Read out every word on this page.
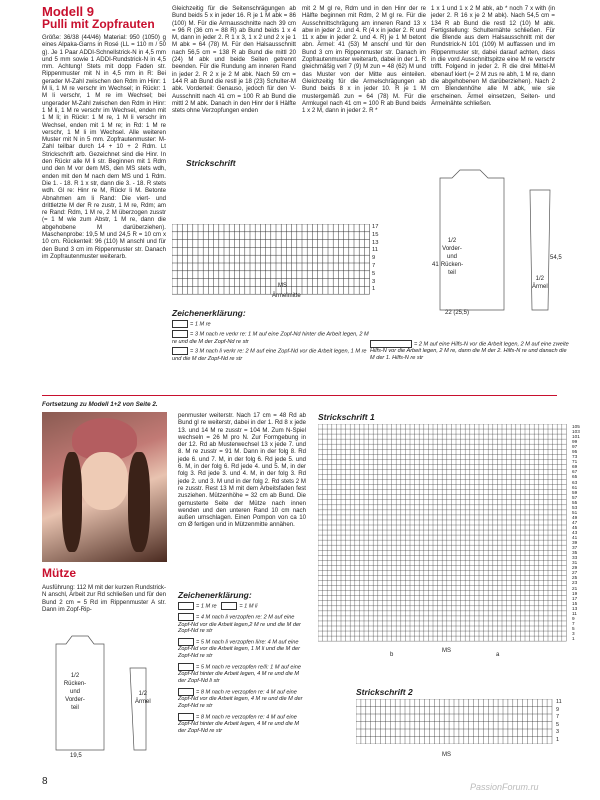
Modell 9
Pulli mit Zopfrauten
Größe: 36/38 (44/46) Material: 950 (1050) g eines Alpaka-Garns in Rosé (LL = 110 m / 50 g). Je 1 Paar ADDI-Schnellstrick-N in 4,5 mm und 5 mm sowie 1 ADDI-Rundstrick-N in 4,5 mm. Achtung! Stets mit dopp Faden str. Rippenmuster mit N in 4,5 mm in R: Bei gerader M-Zahl zwischen den Rdm im Hinr: 1 M li, 1 M re verschr im Wechsel; in Rückr: 1 M li verschr, 1 M re im Wechsel; bei ungerader M-Zahl zwischen den Rdm in Hinr: 1 M li, 1 M re verschr im Wechsel, enden mit 1 M li; in Rückr: 1 M re, 1 M li verschr im Wechsel, enden mit 1 M re; in Rd: 1 M re verschr, 1 M li im Wechsel. Alle weiteren Muster mit N in 5 mm. Zopfrautenmuster: M-Zahl teilbar durch 14 + 10 + 2 Rdm. Lt Strickschrift arb. Gezeichnet sind die Hinr. In den Rückr alle M li str. Beginnen mit 1 Rdm und den M vor dem MS, den MS stets wdh, enden mit den M nach dem MS und 1 Rdm. Die 1. - 18. R 1 x str, dann die 3. - 18. R stets wdh. Gl re: Hinr re M, Rückr li M. Betonte Abnahmen am li Rand: Die viert- und drittletzte M der R re zustr, 1 M re, Rdm; am re Rand: Rdm, 1 M re, 2 M überzogen zusstr (= 1 M wie zum Abstr, 1 M re, dann die abgehobene M darüberziehen). Maschenprobe: 19,5 M und 24,5 R = 10 cm x 10 cm. Rückenteil: 96 (110) M anschl und für den Bund 3 cm im Rippenmuster str. Danach im Zopfrautenmuster weiterarb.
Gleichzeitig für die Seitenschrägungen ab Bund beids 5 x in jeder 16. R je 1 M abk = 86 (100) M. Für die Armausschnitte nach 39 cm = 96 R (36 cm = 88 R) ab Bund beids 1 x 4 M, dann in jeder 2. R 1 x 3, 1 x 2 und 2 x je 1 M abk = 64 (78) M. Für den Halsausschnitt nach 56,5 cm = 138 R ab Bund die mittl 20 (24) M abk und beide Seiten getrennt beenden. Für die Rundung am inneren Rand in jeder 2. R 2 x je 2 M abk. Nach 59 cm = 144 R ab Bund die restl je 18 (23) Schulter-M abk. Vorderteil: Genauso, jedoch für den V-Ausschnitt nach 41 cm = 100 R ab Bund die mittl 2 M abk. Danach in den Hinr der li Hälfte stets ohne Verzopfungen enden
mit 2 M gl re, Rdm und in den Hinr der re Hälfte beginnen mit Rdm, 2 M gl re. Für die Ausschnittschrägung am inneren Rand 13 x abw in jeder 2. und 4. R (4 x in jeder 2. R und 11 x abw in jeder 2. und 4. R) je 1 M betont abn. Ärmel: 41 (53) M anschl und für den Bund 3 cm im Rippenmuster str. Danach im Zopfrautenmuster weiterarb, dabei in der 1. R gleichmäßig verl 7 (9) M zun = 48 (62) M und das Muster von der Mitte aus einteilen. Gleichzeitig für die Armelschrägungen ab Bund beids 8 x in jeder 10. R je 1 M mustergemäß zun = 64 (78) M. Für die Armkugel nach 41 cm = 100 R ab Bund beids 1 x 2 M, dann in jeder 2. R *
1 x 1 und 1 x 2 M abk, ab * noch 7 x with (in jeder 2. R 16 x je 2 M abk). Nach 54,5 cm = 134 R ab Bund die restl 12 (10) M abk. Fertigstellung: Schulternähte schließen. Für die Blende aus dem Halsausschnitt mit der Rundstrick-N 101 (109) M auffassen und im Rippenmuster str, dabei darauf achten, dass in die vord Ausschnittspitze eine M re verschr trifft. Folgend in jeder 2. R die drei Mittel-M ebenauf kiert (= 2 M zus re abh, 1 M re, dann die abgehobenen M darüberziehen). Nach 2 cm Blendenhöhe alle M abk, wie sie erscheinen. Ärmel einsetzen, Seiten- und Ärmelnähte schließen.
Strickschrift
17
15
13
11
9
7
5
3
1
MS
Ärmelmitte
1/2
Vorder-
und
Rücken-
teil
1/2
Ärmel
22 (25,5)
41
54,5
Zeichenerklärung:
= 1 M re
= 3 M nach re verkr re: 1 M auf eine Zopf-Nd hinter die Arbeit legen, 2 M re und die M der Zopf-Nd re str
= 3 M nach li verkr re: 2 M auf eine Zopf-Nd vor die Arbeit legen, 1 M re und die M der Zopf-Nd re str
= 2 M auf eine Hilfs-N vor die Arbeit legen, 2 M auf eine zweite Hilfs-N vor die Arbeit legen, 2 M re, dann die M der 2. Hilfs-N re und danach die M der 1. Hilfs-N re str
Fortsetzung zu Modell 1+2 von Seite 2.
Mütze
Ausführung: 112 M mit der kurzen Rundstrick-N anschl, Arbeit zur Rd schließen und für den Bund 2 cm = 5 Rd im Rippenmuster A str. Dann im Zopf-Rip-
penmuster weiterstr. Nach 17 cm = 48 Rd ab Bund gl re weiterstr, dabei in der 1. Rd 8 x jede 13. und 14 M re zusstr = 104 M. Zum N-Spiel wechseln = 26 M pro N. Zur Formgebung in der 12. Rd ab Musterwechsel 13 x jede 7. und 8. M re zusstr = 91 M. Dann in der folg 8. Rd jede 6. und 7. M, in der folg 6. Rd jede 5. und 6. M, in der folg 6. Rd jede 4. und 5. M, in der folg 3. Rd jede 3. und 4. M, in der folg 3. Rd jede 2. und 3. M und in der folg 2. Rd stets 2 M re zusstr. Rest 13 M mit dem Arbeitsfaden fest zusziehen. Mützenhöhe = 32 cm ab Bund. Die gemusterte Seite der Mütze nach innen wenden und den unteren Rand 10 cm nach außen umschlagen. Einen Pompon von ca 10 cm Ø fertigen und in Mützenmitte annähen.
1/2
Rücken-
und
Vorder-
teil
1/2
Ärmel
19,5
Zeichenerklärung:
= 1 M re	= 1 M li
= 4 M nach li verzopfen re: 2 M auf eine Zopf-Nd vor die Arbeit legen,2 M re und die M der Zopf-Nd re str
= 5 M nach li verzopfen li/re: 4 M auf eine Zopf-Nd vor die Arbeit legen, 1 M li und die M der Zopf-Nd re str
= 5 M nach re verzopfen re/li: 1 M auf eine Zopf-Nd hinter die Arbeit legen, 4 M re und die M der Zopf-Nd li str
= 8 M nach re verzopfen re: 4 M auf eine Zopf-Nd vor die Arbeit legen, 4 M re und die M der Zopf-Nd re str
= 8 M nach re verzopfen re: 4 M auf eine Zopf-Nd hinter die Arbeit legen, 4 M re und die M der Zopf-Nd re str
Strickschrift 1
105
103
101
99
97
95
73
71
69
67
65
63
61
59
57
55
53
51
49
47
45
43
41
39
37
35
33
31
29
27
25
23
21
19
17
15
13
11
9
7
5
3
1
b
MS
a
Strickschrift 2
11
9
7
5
3
1
MS
8	PassionForum.ru
